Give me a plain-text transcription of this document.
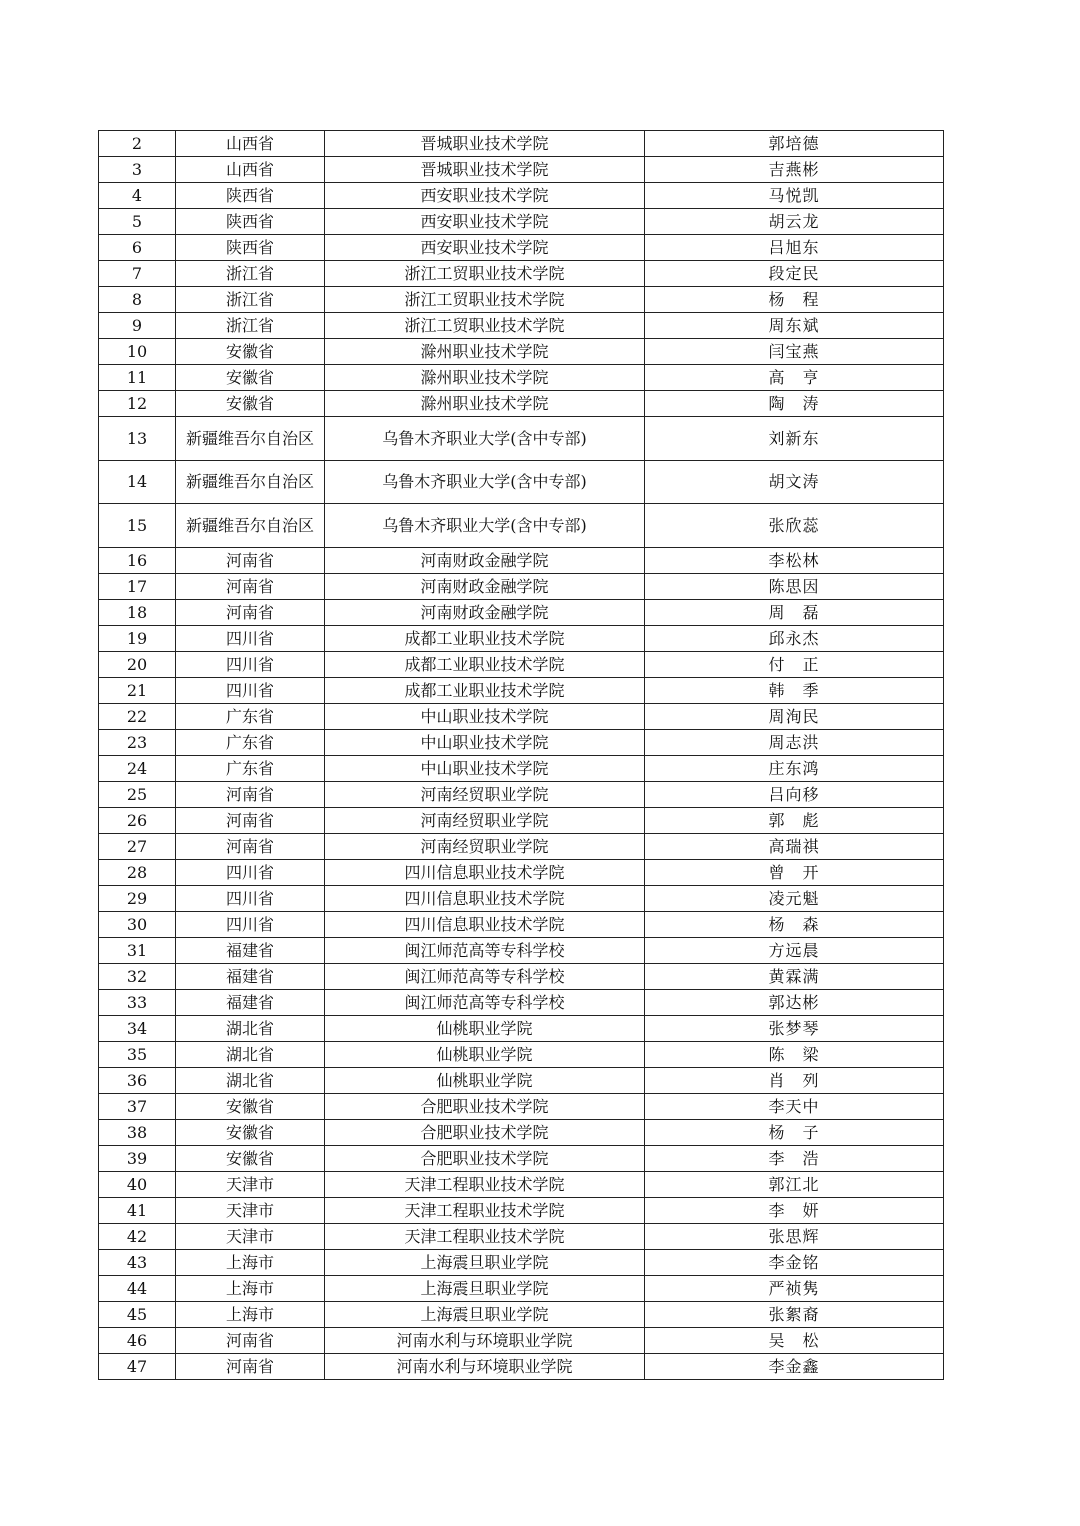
2	山西省	晋城职业技术学院	郭培德
3	山西省	晋城职业技术学院	吉燕彬
4	陕西省	西安职业技术学院	马悦凯
5	陕西省	西安职业技术学院	胡云龙
6	陕西省	西安职业技术学院	吕旭东
7	浙江省	浙江工贸职业技术学院	段定民
8	浙江省	浙江工贸职业技术学院	杨　程
9	浙江省	浙江工贸职业技术学院	周东斌
10	安徽省	滁州职业技术学院	闫宝燕
11	安徽省	滁州职业技术学院	高　亨
12	安徽省	滁州职业技术学院	陶　涛
13	新疆维吾尔自治区	乌鲁木齐职业大学(含中专部)	刘新东
14	新疆维吾尔自治区	乌鲁木齐职业大学(含中专部)	胡文涛
15	新疆维吾尔自治区	乌鲁木齐职业大学(含中专部)	张欣蕊
16	河南省	河南财政金融学院	李松林
17	河南省	河南财政金融学院	陈思因
18	河南省	河南财政金融学院	周　磊
19	四川省	成都工业职业技术学院	邱永杰
20	四川省	成都工业职业技术学院	付　正
21	四川省	成都工业职业技术学院	韩　季
22	广东省	中山职业技术学院	周洵民
23	广东省	中山职业技术学院	周志洪
24	广东省	中山职业技术学院	庄东鸿
25	河南省	河南经贸职业学院	吕向移
26	河南省	河南经贸职业学院	郭　彪
27	河南省	河南经贸职业学院	高瑞祺
28	四川省	四川信息职业技术学院	曾　开
29	四川省	四川信息职业技术学院	凌元魁
30	四川省	四川信息职业技术学院	杨　森
31	福建省	闽江师范高等专科学校	方远晨
32	福建省	闽江师范高等专科学校	黄霖满
33	福建省	闽江师范高等专科学校	郭达彬
34	湖北省	仙桃职业学院	张梦琴
35	湖北省	仙桃职业学院	陈　梁
36	湖北省	仙桃职业学院	肖　列
37	安徽省	合肥职业技术学院	李天中
38	安徽省	合肥职业技术学院	杨　子
39	安徽省	合肥职业技术学院	李　浩
40	天津市	天津工程职业技术学院	郭江北
41	天津市	天津工程职业技术学院	李　妍
42	天津市	天津工程职业技术学院	张思辉
43	上海市	上海震旦职业学院	李金铭
44	上海市	上海震旦职业学院	严祯隽
45	上海市	上海震旦职业学院	张絮裔
46	河南省	河南水利与环境职业学院	吴　松
47	河南省	河南水利与环境职业学院	李金鑫
